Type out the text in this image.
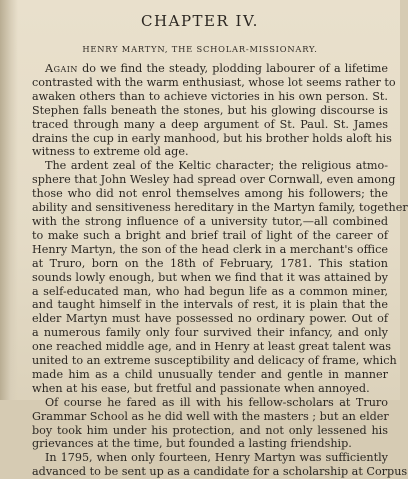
CHAPTER IV.
HENRY MARTYN, THE SCHOLAR-MISSIONARY.
Again do we find the steady, plodding labourer of a lifetime
contrasted with the warm enthusiast, whose lot seems rather to
awaken others than to achieve victories in his own person. St.
Stephen falls beneath the stones, but his glowing discourse is
traced through many a deep argument of St. Paul. St. James
drains the cup in early manhood, but his brother holds aloft his
witness to extreme old age.
The ardent zeal of the Keltic character; the religious atmo-
sphere that John Wesley had spread over Cornwall, even among
those who did not enrol themselves among his followers; the
ability and sensitiveness hereditary in the Martyn family, together
with the strong influence of a university tutor,—all combined
to make such a bright and brief trail of light of the career of
Henry Martyn, the son of the head clerk in a merchant's office
at Truro, born on the 18th of February, 1781. This station
sounds lowly enough, but when we find that it was attained by
a self-educated man, who had begun life as a common miner,
and taught himself in the intervals of rest, it is plain that the
elder Martyn must have possessed no ordinary power. Out of
a numerous family only four survived their infancy, and only
one reached middle age, and in Henry at least great talent was
united to an extreme susceptibility and delicacy of frame, which
made him as a child unusually tender and gentle in manner
when at his ease, but fretful and passionate when annoyed.
Of course he fared as ill with his fellow-scholars at Truro
Grammar School as he did well with the masters ; but an elder
boy took him under his protection, and not only lessened his
grievances at the time, but founded a lasting friendship.
In 1795, when only fourteen, Henry Martyn was sufficiently
advanced to be sent up as a candidate for a scholarship at Corpus
